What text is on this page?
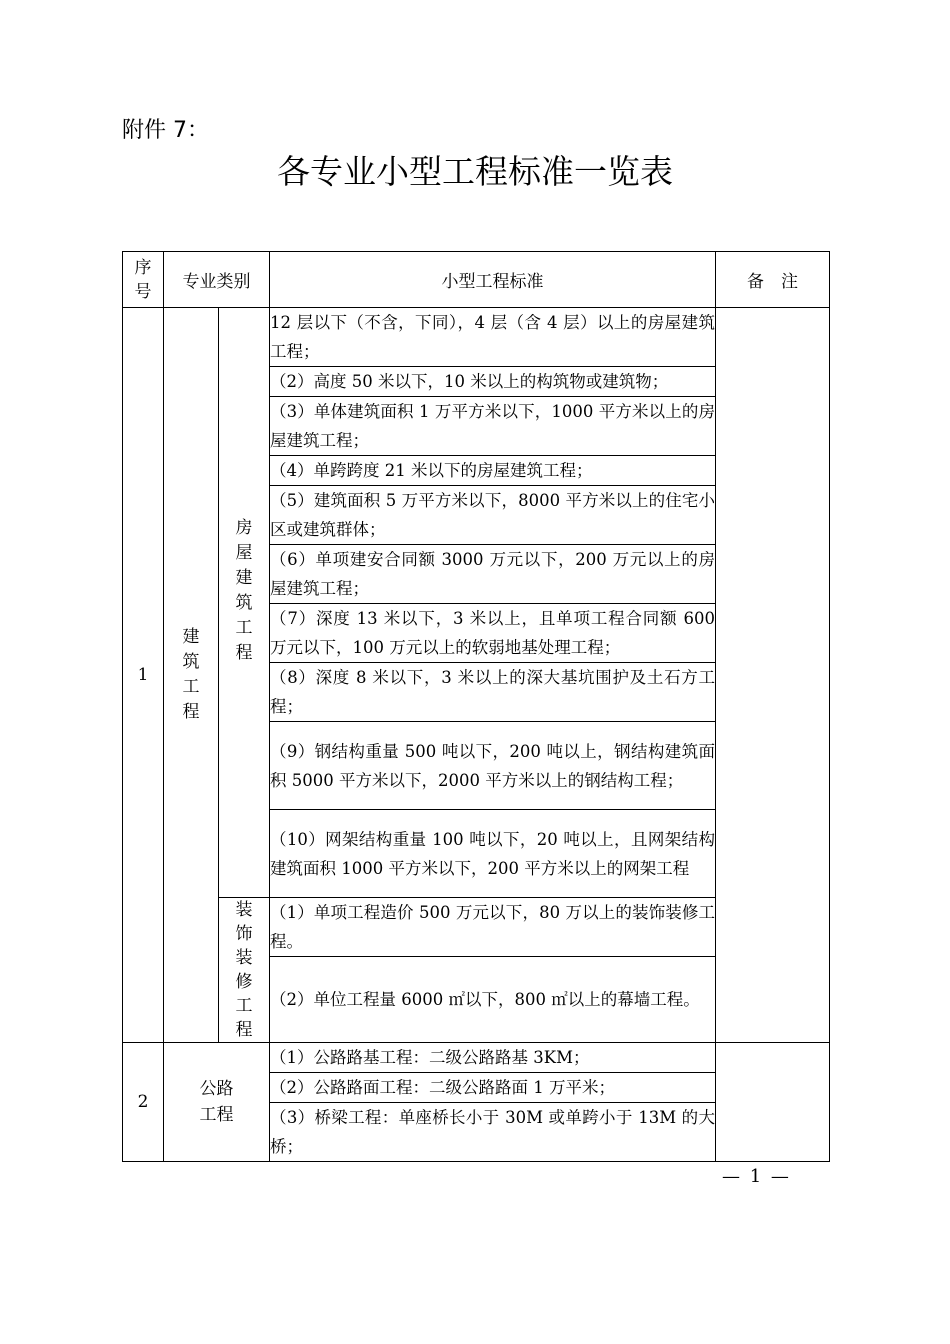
附件 7：
各专业小型工程标准一览表
序号	专业类别		小型工程标准	备　注
1	建筑工程	房屋建筑工程	12 层以下（不含，下同），4 层（含 4 层）以上的房屋建筑工程；	
			（2）高度 50 米以下，10 米以上的构筑物或建筑物；	
			（3）单体建筑面积 1 万平方米以下，1000 平方米以上的房屋建筑工程；	
			（4）单跨跨度 21 米以下的房屋建筑工程；	
			（5）建筑面积 5 万平方米以下，8000 平方米以上的住宅小区或建筑群体；	
			（6）单项建安合同额 3000 万元以下，200 万元以上的房屋建筑工程；	
			（7）深度 13 米以下，3 米以上，且单项工程合同额 600 万元以下，100 万元以上的软弱地基处理工程；	
			（8）深度 8 米以下，3 米以上的深大基坑围护及土石方工程；	
			（9）钢结构重量 500 吨以下，200 吨以上，钢结构建筑面积 5000 平方米以下，2000 平方米以上的钢结构工程；	
			（10）网架结构重量 100 吨以下，20 吨以上，且网架结构建筑面积 1000 平方米以下，200 平方米以上的网架工程	

		装饰装修工程	（1）单项工程造价 500 万元以下，80 万以上的装饰装修工程。	
			（2）单位工程量 6000 ㎡以下，800 ㎡以上的幕墙工程。	
2	公路工程		（1）公路路基工程：二级公路路基 3KM；	
			（2）公路路面工程：二级公路路面 1 万平米；	
			（3）桥梁工程：单座桥长小于 30M 或单跨小于 13M 的大桥；	
— 1 —
